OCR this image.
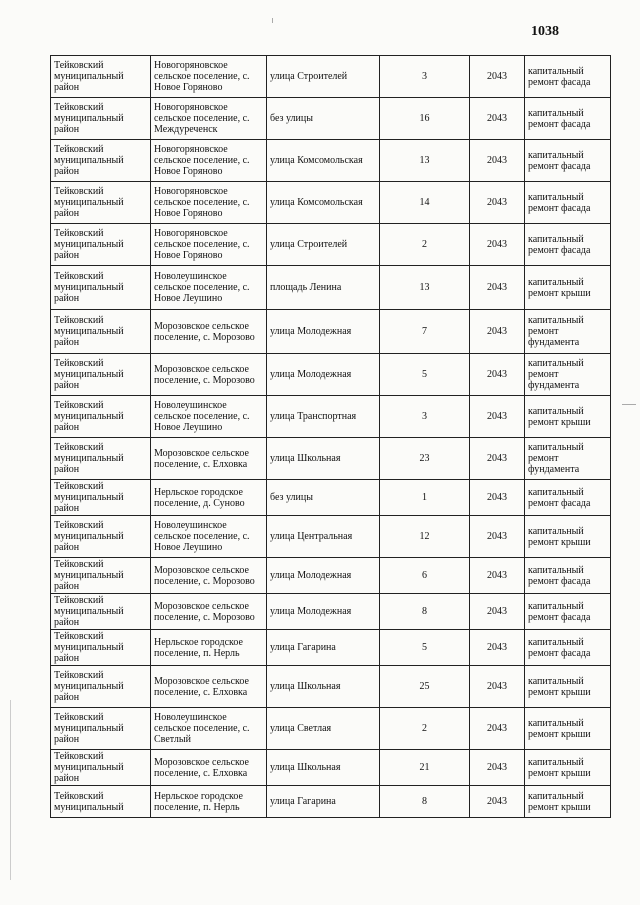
1038
Тейковский муниципальный район	Новогоряновское сельское поселение, с. Новое Горяново	улица Строителей	3	2043	капитальный ремонт фасада
Тейковский муниципальный район	Новогоряновское сельское поселение, с. Междуреченск	без улицы	16	2043	капитальный ремонт фасада
Тейковский муниципальный район	Новогоряновское сельское поселение, с. Новое Горяново	улица Комсомольская	13	2043	капитальный ремонт фасада
Тейковский муниципальный район	Новогоряновское сельское поселение, с. Новое Горяново	улица Комсомольская	14	2043	капитальный ремонт фасада
Тейковский муниципальный район	Новогоряновское сельское поселение, с. Новое Горяново	улица Строителей	2	2043	капитальный ремонт фасада
Тейковский муниципальный район	Новолеушинское сельское поселение, с. Новое Леушино	площадь Ленина	13	2043	капитальный ремонт крыши
Тейковский муниципальный район	Морозовское сельское поселение, с. Морозово	улица Молодежная	7	2043	капитальный ремонт фундамента
Тейковский муниципальный район	Морозовское сельское поселение, с. Морозово	улица Молодежная	5	2043	капитальный ремонт фундамента
Тейковский муниципальный район	Новолеушинское сельское поселение, с. Новое Леушино	улица Транспортная	3	2043	капитальный ремонт крыши
Тейковский муниципальный район	Морозовское сельское поселение, с. Елховка	улица Школьная	23	2043	капитальный ремонт фундамента
Тейковский муниципальный район	Нерльское городское поселение, д. Суново	без улицы	1	2043	капитальный ремонт фасада
Тейковский муниципальный район	Новолеушинское сельское поселение, с. Новое Леушино	улица Центральная	12	2043	капитальный ремонт крыши
Тейковский муниципальный район	Морозовское сельское поселение, с. Морозово	улица Молодежная	6	2043	капитальный ремонт фасада
Тейковский муниципальный район	Морозовское сельское поселение, с. Морозово	улица Молодежная	8	2043	капитальный ремонт фасада
Тейковский муниципальный район	Нерльское городское поселение, п. Нерль	улица Гагарина	5	2043	капитальный ремонт фасада
Тейковский муниципальный район	Морозовское сельское поселение, с. Елховка	улица Школьная	25	2043	капитальный ремонт крыши
Тейковский муниципальный район	Новолеушинское сельское поселение, с. Светлый	улица Светлая	2	2043	капитальный ремонт крыши
Тейковский муниципальный район	Морозовское сельское поселение, с. Елховка	улица Школьная	21	2043	капитальный ремонт крыши
Тейковский муниципальный	Нерльское городское поселение, п. Нерль	улица Гагарина	8	2043	капитальный ремонт крыши
